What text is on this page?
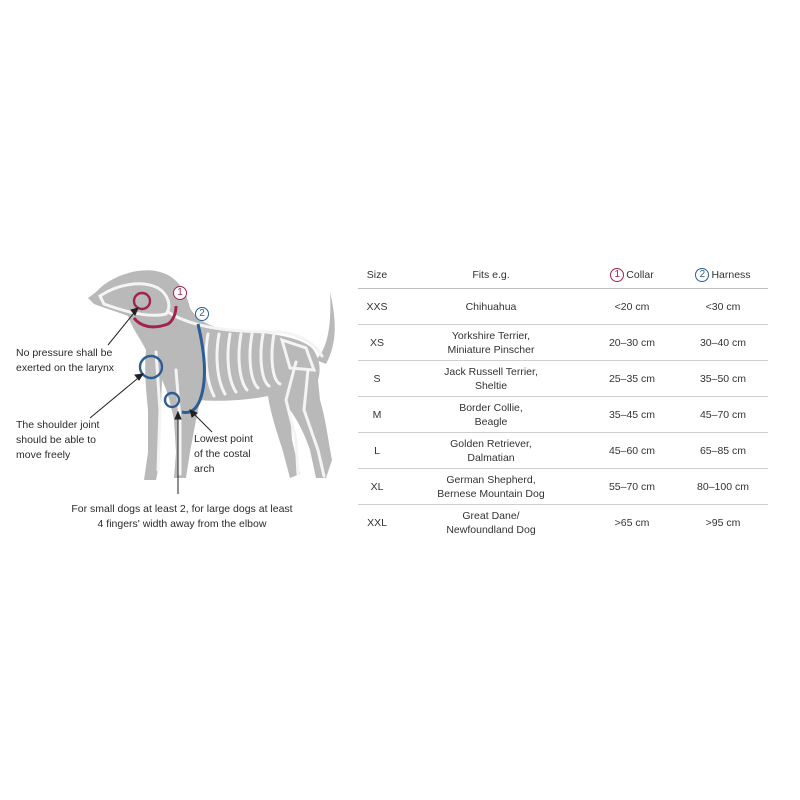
1
2
No pressure shall be
exerted on the larynx
The shoulder joint
should be able to
move freely
Lowest point
of the costal
arch
For small dogs at least 2, for large dogs at least
4 fingers' width away from the elbow
Size	Fits e.g.	1 Collar	2 Harness
XXS	Chihuahua	<20 cm	<30 cm
XS	Yorkshire Terrier,
Miniature Pinscher	20–30 cm	30–40 cm
S	Jack Russell Terrier,
Sheltie	25–35 cm	35–50 cm
M	Border Collie,
Beagle	35–45 cm	45–70 cm
L	Golden Retriever,
Dalmatian	45–60 cm	65–85 cm
XL	German Shepherd,
Bernese Mountain Dog	55–70 cm	80–100 cm
XXL	Great Dane/
Newfoundland Dog	>65 cm	>95 cm
